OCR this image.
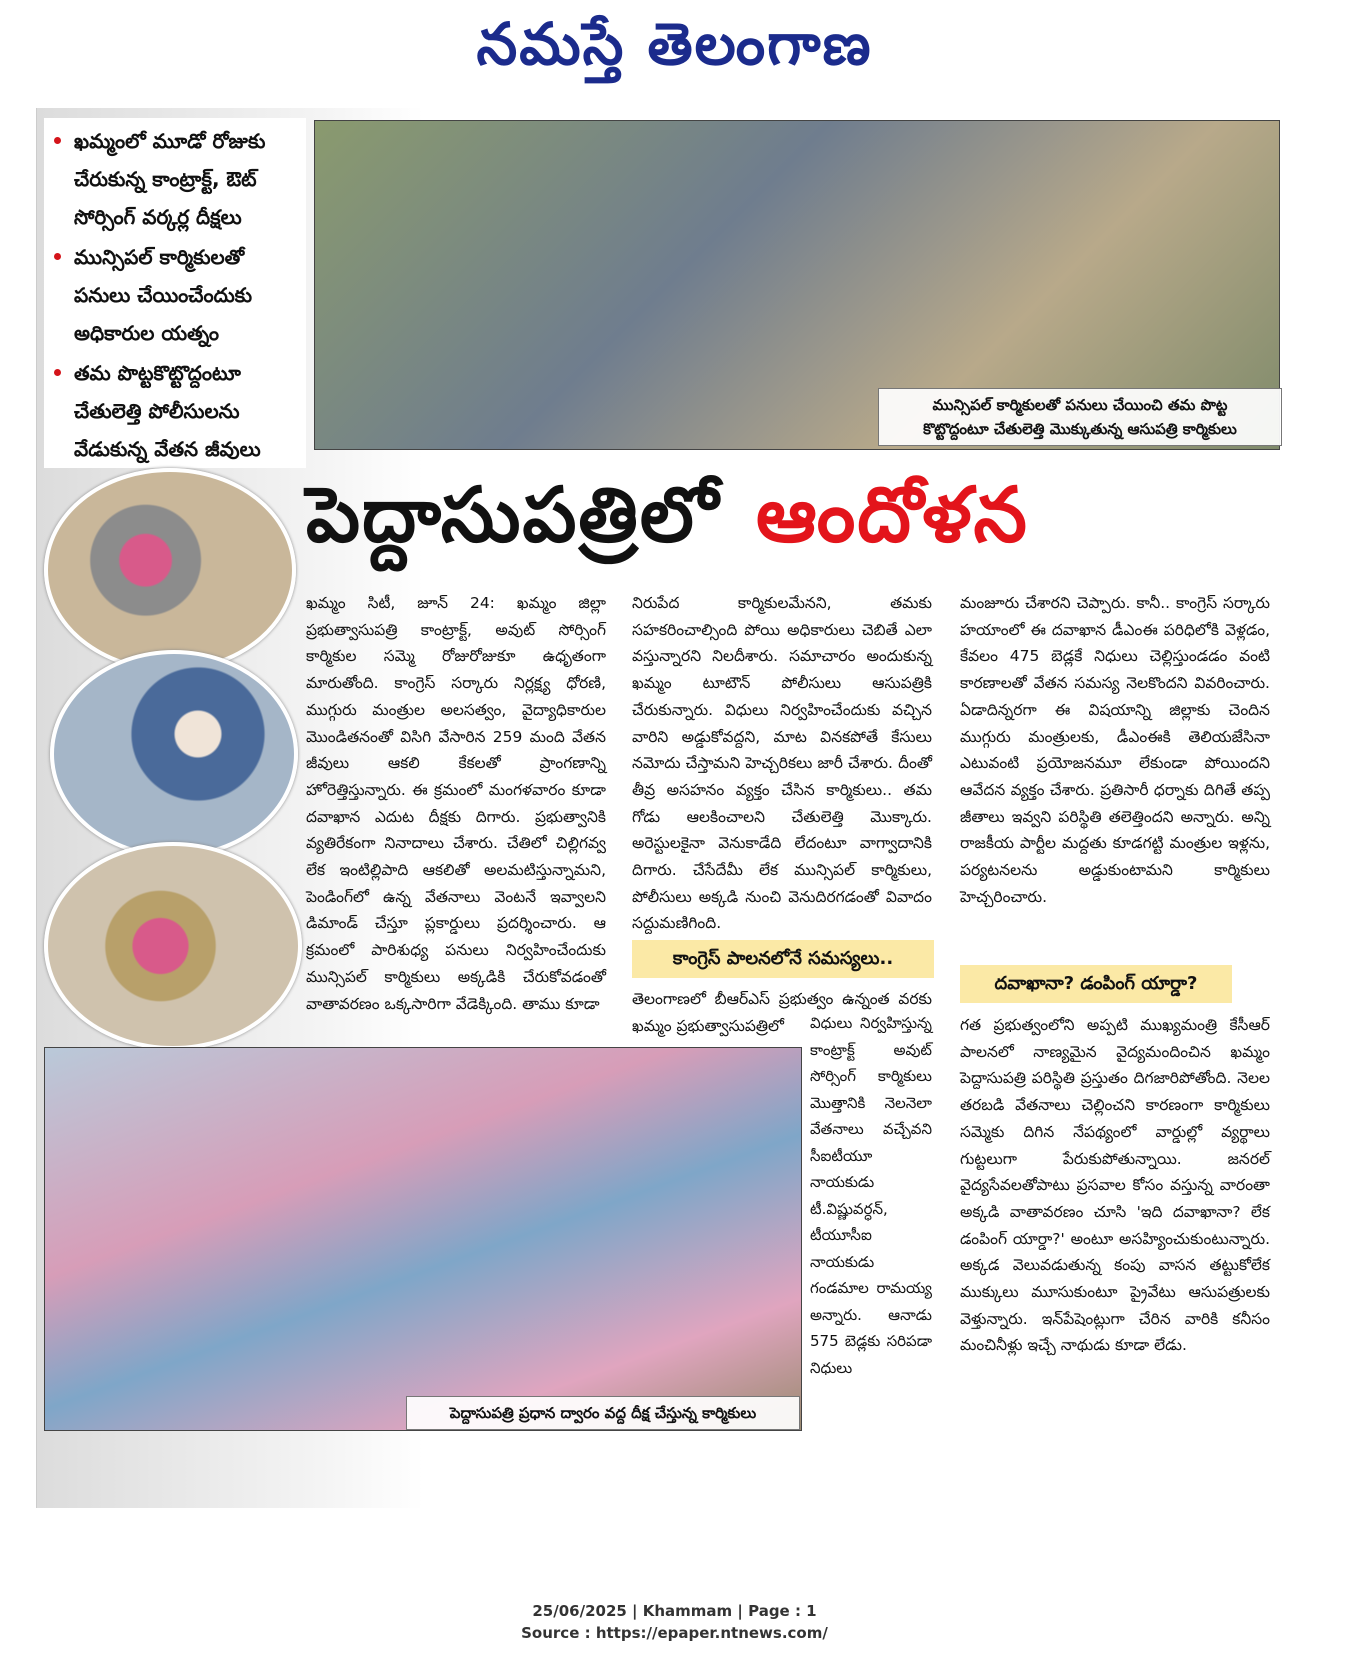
నమస్తే తెలంగాణ
ఖమ్మంలో మూడో రోజుకు చేరుకున్న కాంట్రాక్ట్‌, ఔట్‌ సోర్సింగ్‌ వర్కర్ల దీక్షలు
మున్సిపల్‌ కార్మికులతో పనులు చేయించేందుకు అధికారుల యత్నం
తమ పొట్టకొట్టొద్దంటూ చేతులెత్తి పోలీసులను వేడుకున్న వేతన జీవులు
మున్సిపల్‌ కార్మికులతో పనులు చేయించి తమ పొట్ట
కొట్టొద్దంటూ చేతులెత్తి మొక్కుతున్న ఆసుపత్రి కార్మికులు
పెద్దాసుపత్రిలో ఆందోళన

ఖమ్మం సిటీ, జూన్‌ 24: ఖమ్మం జిల్లా ప్రభుత్వాసుపత్రి కాంట్రాక్ట్‌, అవుట్‌ సోర్సింగ్‌ కార్మికుల సమ్మె రోజురోజుకూ ఉధృతంగా మారుతోంది. కాంగ్రెస్‌ సర్కారు నిర్లక్ష్య ధోరణి, ముగ్గురు మంత్రుల అలసత్వం, వైద్యాధికారుల మొండితనంతో విసిగి వేసారిన 259 మంది వేతన జీవులు ఆకలి కేకలతో ప్రాంగణాన్ని హోరెత్తిస్తున్నారు. ఈ క్రమంలో మంగళవారం కూడా దవాఖాన ఎదుట దీక్షకు దిగారు. ప్రభుత్వానికి వ్యతిరేకంగా నినాదాలు చేశారు. చేతిలో చిల్లిగవ్వ లేక ఇంటిల్లిపాది ఆకలితో అలమటిస్తున్నామని, పెండింగ్‌లో ఉన్న వేతనాలు వెంటనే ఇవ్వాలని డిమాండ్‌ చేస్తూ ప్లకార్డులు ప్రదర్శించారు. ఆ క్రమంలో పారిశుధ్య పనులు నిర్వహించేందుకు మున్సిపల్‌ కార్మికులు అక్కడికి చేరుకోవడంతో వాతావరణం ఒక్కసారిగా వేడెక్కింది. తాము కూడా

నిరుపేద కార్మికులమేనని, తమకు సహకరించాల్సింది పోయి అధికారులు చెబితే ఎలా వస్తున్నారని నిలదీశారు. సమాచారం అందుకున్న ఖమ్మం టూటౌన్‌ పోలీసులు ఆసుపత్రికి చేరుకున్నారు. విధులు నిర్వహించేందుకు వచ్చిన వారిని అడ్డుకోవద్దని, మాట వినకపోతే కేసులు నమోదు చేస్తామని హెచ్చరికలు జారీ చేశారు. దీంతో తీవ్ర అసహనం వ్యక్తం చేసిన కార్మికులు.. తమ గోడు ఆలకించాలని చేతులెత్తి మొక్కారు. అరెస్టులకైనా వెనుకాడేది లేదంటూ వాగ్వాదానికి దిగారు. చేసేదేమీ లేక మున్సిపల్‌ కార్మికులు, పోలీసులు అక్కడి నుంచి వెనుదిరగడంతో వివాదం సద్దుమణిగింది.

కాంగ్రెస్‌ పాలనలోనే సమస్యలు..

తెలంగాణలో బీఆర్‌ఎస్‌ ప్రభుత్వం ఉన్నంత వరకు ఖమ్మం ప్రభుత్వాసుపత్రిలో	విధులు నిర్వహిస్తున్న కాంట్రాక్ట్‌ అవుట్‌ సోర్సింగ్‌ కార్మికులు మొత్తానికి నెలనెలా వేతనాలు వచ్చేవని సీఐటీయూ నాయకుడు టీ.విష్ణువర్ధన్‌, టీయూసీఐ నాయకుడు గండమాల రామయ్య అన్నారు. ఆనాడు 575 బెడ్లకు సరిపడా నిధులు

మంజూరు చేశారని చెప్పారు. కానీ.. కాంగ్రెస్‌ సర్కారు హయాంలో ఈ దవాఖాన డీఎంఈ పరిధిలోకి వెళ్లడం, కేవలం 475 బెడ్లకే నిధులు చెల్లిస్తుండడం వంటి కారణాలతో వేతన సమస్య నెలకొందని వివరించారు. ఏడాదిన్నరగా ఈ విషయాన్ని జిల్లాకు చెందిన ముగ్గురు మంత్రులకు, డీఎంఈకి తెలియజేసినా ఎటువంటి ప్రయోజనమూ లేకుండా పోయిందని ఆవేదన వ్యక్తం చేశారు. ప్రతిసారీ ధర్నాకు దిగితే తప్ప జీతాలు ఇవ్వని పరిస్థితి తలెత్తిందని అన్నారు. అన్ని రాజకీయ పార్టీల మద్దతు కూడగట్టి మంత్రుల ఇళ్లను, పర్యటనలను అడ్డుకుంటామని కార్మికులు హెచ్చరించారు.

దవాఖానా? డంపింగ్‌ యార్డా?

గత ప్రభుత్వంలోని అప్పటి ముఖ్యమంత్రి కేసీఆర్‌ పాలనలో నాణ్యమైన వైద్యమందించిన ఖమ్మం పెద్దాసుపత్రి పరిస్థితి ప్రస్తుతం దిగజారిపోతోంది. నెలల తరబడి వేతనాలు చెల్లించని కారణంగా కార్మికులు సమ్మెకు దిగిన నేపథ్యంలో వార్డుల్లో వ్యర్థాలు గుట్టలుగా పేరుకుపోతున్నాయి. జనరల్‌ వైద్యసేవలతోపాటు ప్రసవాల కోసం వస్తున్న వారంతా అక్కడి వాతావరణం చూసి 'ఇది దవాఖానా? లేక డంపింగ్‌ యార్డా?' అంటూ అసహ్యించుకుంటున్నారు. అక్కడ వెలువడుతున్న కంపు వాసన తట్టుకోలేక ముక్కులు మూసుకుంటూ ప్రైవేటు ఆసుపత్రులకు వెళ్తున్నారు. ఇన్‌పేషెంట్లుగా చేరిన వారికి కనీసం మంచినీళ్లు ఇచ్చే నాథుడు కూడా లేడు.

పెద్దాసుపత్రి ప్రధాన ద్వారం వద్ద దీక్ష చేస్తున్న కార్మికులు
25/06/2025 | Khammam | Page : 1
Source : https://epaper.ntnews.com/
